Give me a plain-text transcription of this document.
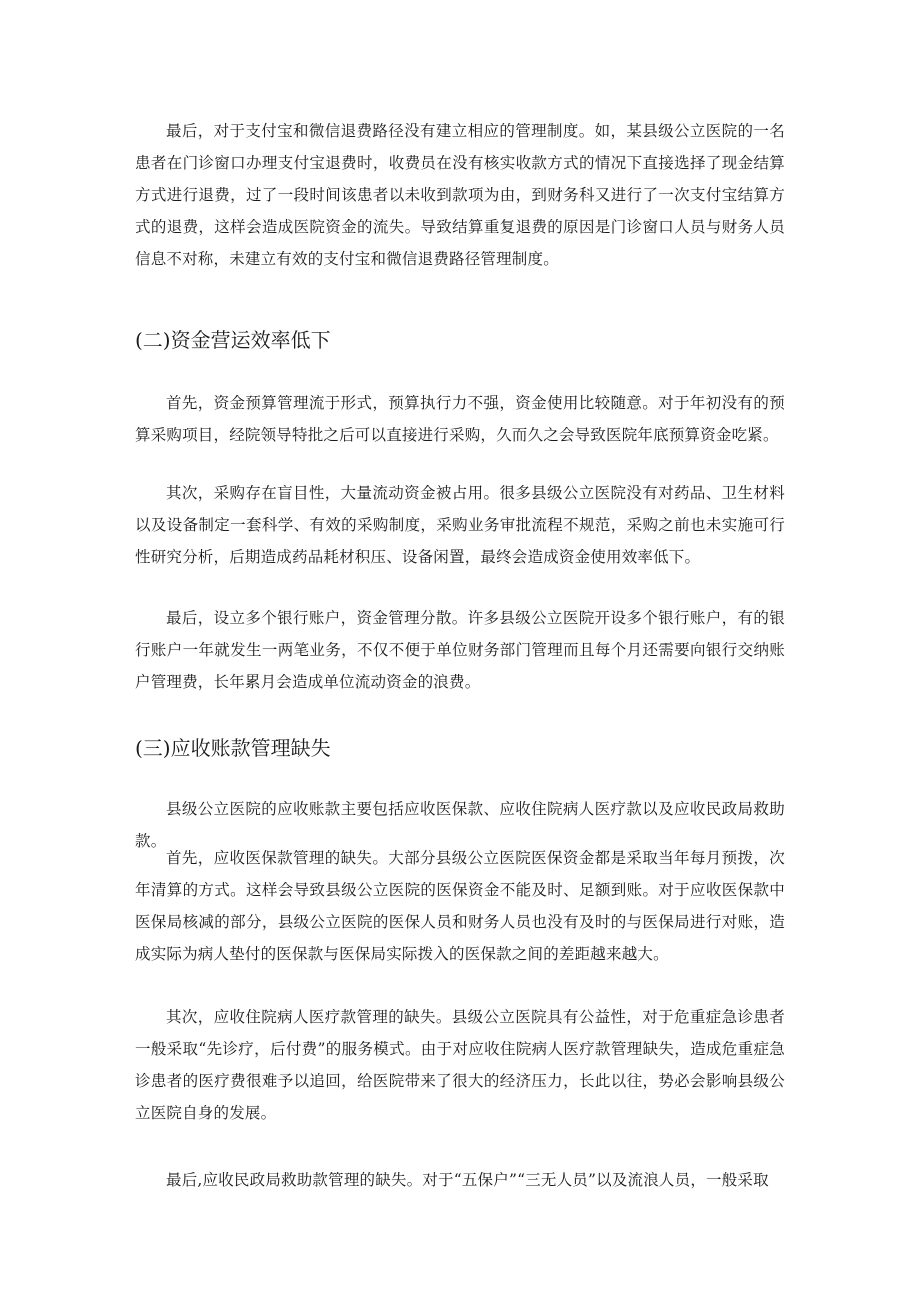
最后，对于支付宝和微信退费路径没有建立相应的管理制度。如，某县级公立医院的一名患者在门诊窗口办理支付宝退费时，收费员在没有核实收款方式的情况下直接选择了现金结算方式进行退费，过了一段时间该患者以未收到款项为由，到财务科又进行了一次支付宝结算方式的退费，这样会造成医院资金的流失。导致结算重复退费的原因是门诊窗口人员与财务人员信息不对称，未建立有效的支付宝和微信退费路径管理制度。

(二)资金营运效率低下

首先，资金预算管理流于形式，预算执行力不强，资金使用比较随意。对于年初没有的预算采购项目，经院领导特批之后可以直接进行采购，久而久之会导致医院年底预算资金吃紧。

其次，采购存在盲目性，大量流动资金被占用。很多县级公立医院没有对药品、卫生材料以及设备制定一套科学、有效的采购制度，采购业务审批流程不规范，采购之前也未实施可行性研究分析，后期造成药品耗材积压、设备闲置，最终会造成资金使用效率低下。

最后，设立多个银行账户，资金管理分散。许多县级公立医院开设多个银行账户，有的银行账户一年就发生一两笔业务，不仅不便于单位财务部门管理而且每个月还需要向银行交纳账户管理费，长年累月会造成单位流动资金的浪费。

(三)应收账款管理缺失

县级公立医院的应收账款主要包括应收医保款、应收住院病人医疗款以及应收民政局救助款。

首先，应收医保款管理的缺失。大部分县级公立医院医保资金都是采取当年每月预拨，次年清算的方式。这样会导致县级公立医院的医保资金不能及时、足额到账。对于应收医保款中医保局核减的部分，县级公立医院的医保人员和财务人员也没有及时的与医保局进行对账，造成实际为病人垫付的医保款与医保局实际拨入的医保款之间的差距越来越大。

其次，应收住院病人医疗款管理的缺失。县级公立医院具有公益性，对于危重症急诊患者一般采取“先诊疗，后付费”的服务模式。由于对应收住院病人医疗款管理缺失，造成危重症急诊患者的医疗费很难予以追回，给医院带来了很大的经济压力，长此以往，势必会影响县级公立医院自身的发展。

最后,应收民政局救助款管理的缺失。对于“五保户”“三无人员”以及流浪人员，一般采取
